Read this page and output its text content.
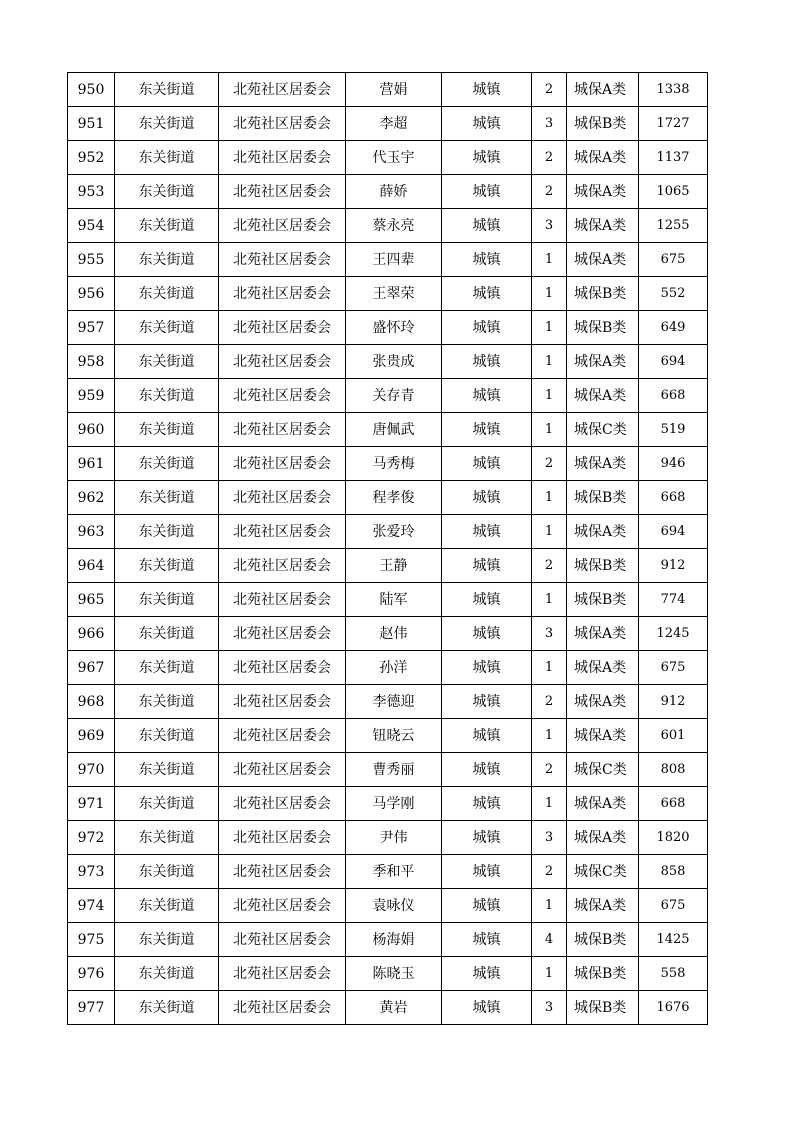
950	东关街道	北苑社区居委会	营娟	城镇	2	城保A类	1338
951	东关街道	北苑社区居委会	李超	城镇	3	城保B类	1727
952	东关街道	北苑社区居委会	代玉宇	城镇	2	城保A类	1137
953	东关街道	北苑社区居委会	薛娇	城镇	2	城保A类	1065
954	东关街道	北苑社区居委会	蔡永亮	城镇	3	城保A类	1255
955	东关街道	北苑社区居委会	王四辈	城镇	1	城保A类	675
956	东关街道	北苑社区居委会	王翠荣	城镇	1	城保B类	552
957	东关街道	北苑社区居委会	盛怀玲	城镇	1	城保B类	649
958	东关街道	北苑社区居委会	张贵成	城镇	1	城保A类	694
959	东关街道	北苑社区居委会	关存青	城镇	1	城保A类	668
960	东关街道	北苑社区居委会	唐佩武	城镇	1	城保C类	519
961	东关街道	北苑社区居委会	马秀梅	城镇	2	城保A类	946
962	东关街道	北苑社区居委会	程孝俊	城镇	1	城保B类	668
963	东关街道	北苑社区居委会	张爱玲	城镇	1	城保A类	694
964	东关街道	北苑社区居委会	王静	城镇	2	城保B类	912
965	东关街道	北苑社区居委会	陆军	城镇	1	城保B类	774
966	东关街道	北苑社区居委会	赵伟	城镇	3	城保A类	1245
967	东关街道	北苑社区居委会	孙洋	城镇	1	城保A类	675
968	东关街道	北苑社区居委会	李德迎	城镇	2	城保A类	912
969	东关街道	北苑社区居委会	钮晓云	城镇	1	城保A类	601
970	东关街道	北苑社区居委会	曹秀丽	城镇	2	城保C类	808
971	东关街道	北苑社区居委会	马学刚	城镇	1	城保A类	668
972	东关街道	北苑社区居委会	尹伟	城镇	3	城保A类	1820
973	东关街道	北苑社区居委会	季和平	城镇	2	城保C类	858
974	东关街道	北苑社区居委会	袁咏仪	城镇	1	城保A类	675
975	东关街道	北苑社区居委会	杨海娟	城镇	4	城保B类	1425
976	东关街道	北苑社区居委会	陈晓玉	城镇	1	城保B类	558
977	东关街道	北苑社区居委会	黄岩	城镇	3	城保B类	1676
